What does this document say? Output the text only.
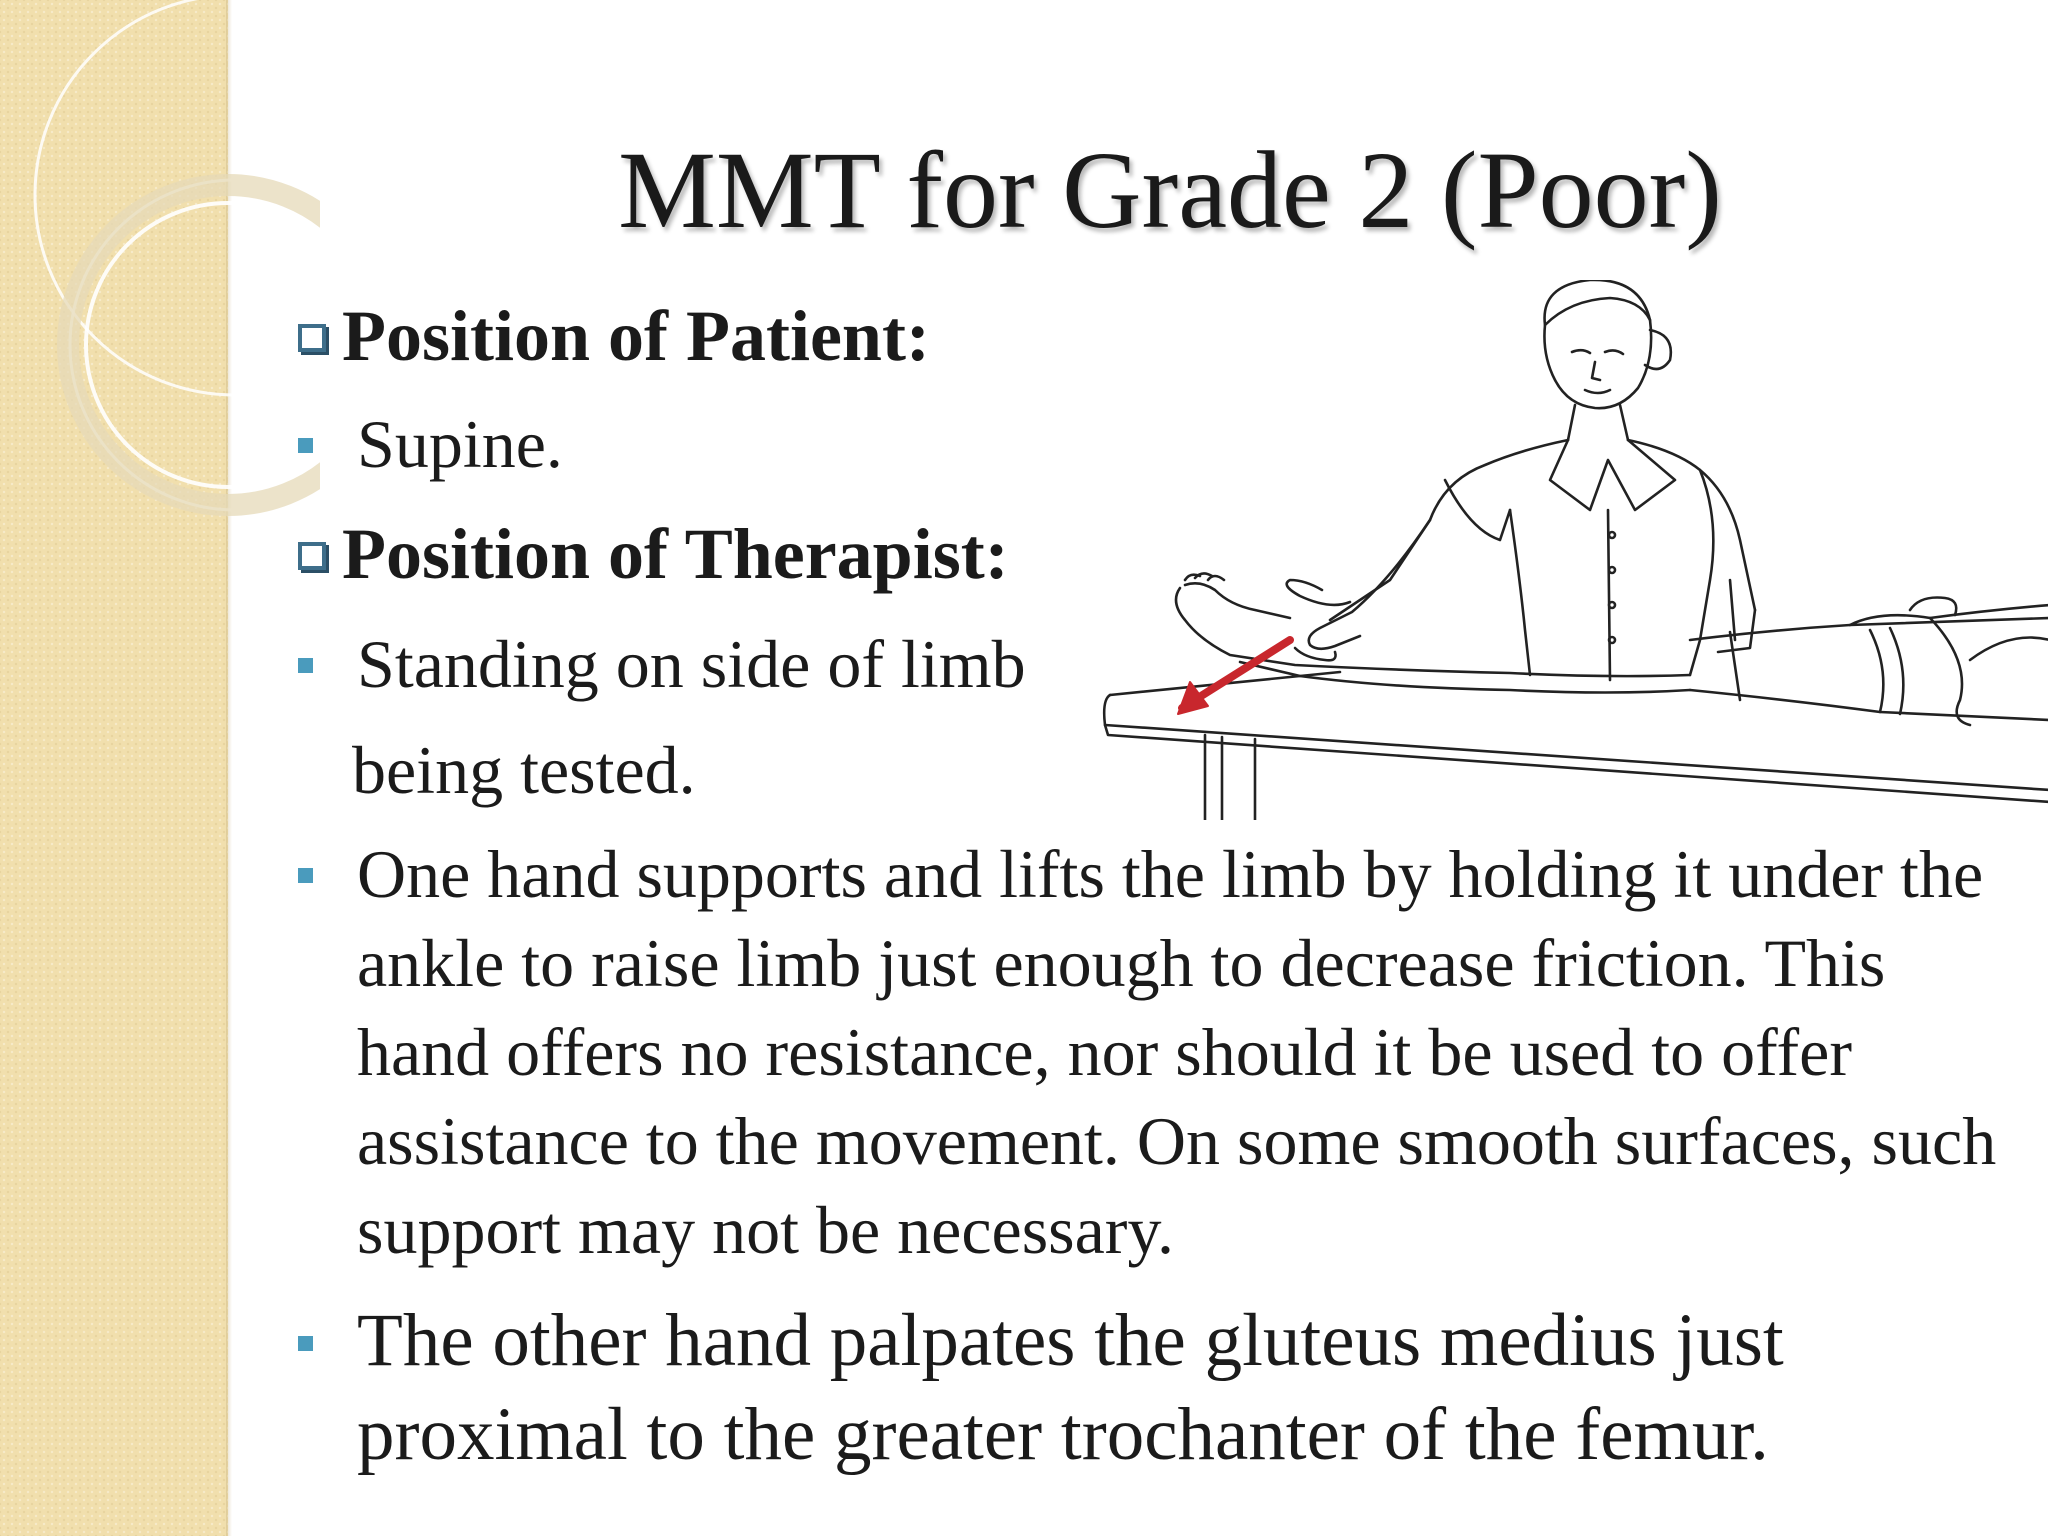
MMT for Grade 2 (Poor)
Position of Patient:
Supine.
Position of Therapist:
Standing on side of limb
being tested.
One hand supports and lifts the limb by holding it under the ankle to raise limb just enough to decrease friction. This hand offers no resistance, nor should it be used to offer assistance to the movement. On some smooth surfaces, such support may not be necessary.
The other hand palpates the gluteus medius just proximal to the greater trochanter of the femur.
